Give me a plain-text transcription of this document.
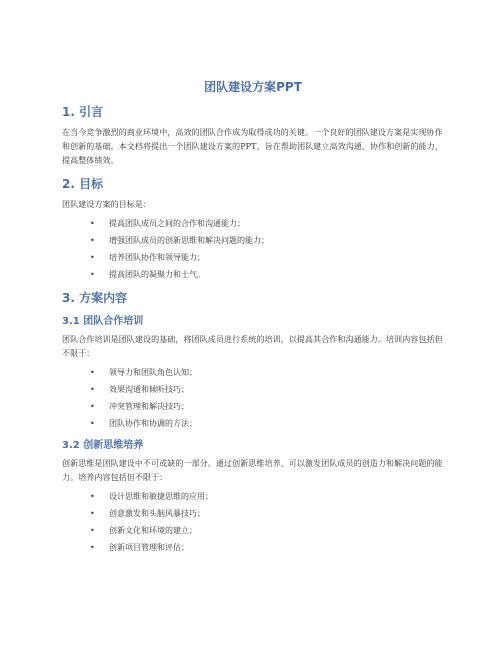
团队建设方案PPT
1. 引言

在当今竞争激烈的商业环境中，高效的团队合作成为取得成功的关键。一个良好的团队建设方案是实现协作和创新的基础。本文档将提出一个团队建设方案的PPT，旨在帮助团队建立高效沟通、协作和创新的能力，提高整体绩效。

2. 目标

团队建设方案的目标是：

• 提高团队成员之间的合作和沟通能力；
• 增强团队成员的创新思维和解决问题的能力；
• 培养团队协作和领导能力；
• 提高团队的凝聚力和士气。
3. 方案内容
3.1 团队合作培训

团队合作培训是团队建设的基础，将团队成员进行系统的培训，以提高其合作和沟通能力。培训内容包括但不限于：

• 领导力和团队角色认知；
• 效果沟通和倾听技巧；
• 冲突管理和解决技巧；
• 团队协作和协调的方法；
3.2 创新思维培养

创新思维是团队建设中不可或缺的一部分。通过创新思维培养，可以激发团队成员的创造力和解决问题的能力。培养内容包括但不限于：

• 设计思维和敏捷思维的应用；
• 创意激发和头脑风暴技巧；
• 创新文化和环境的建立；
• 创新项目管理和评估；
